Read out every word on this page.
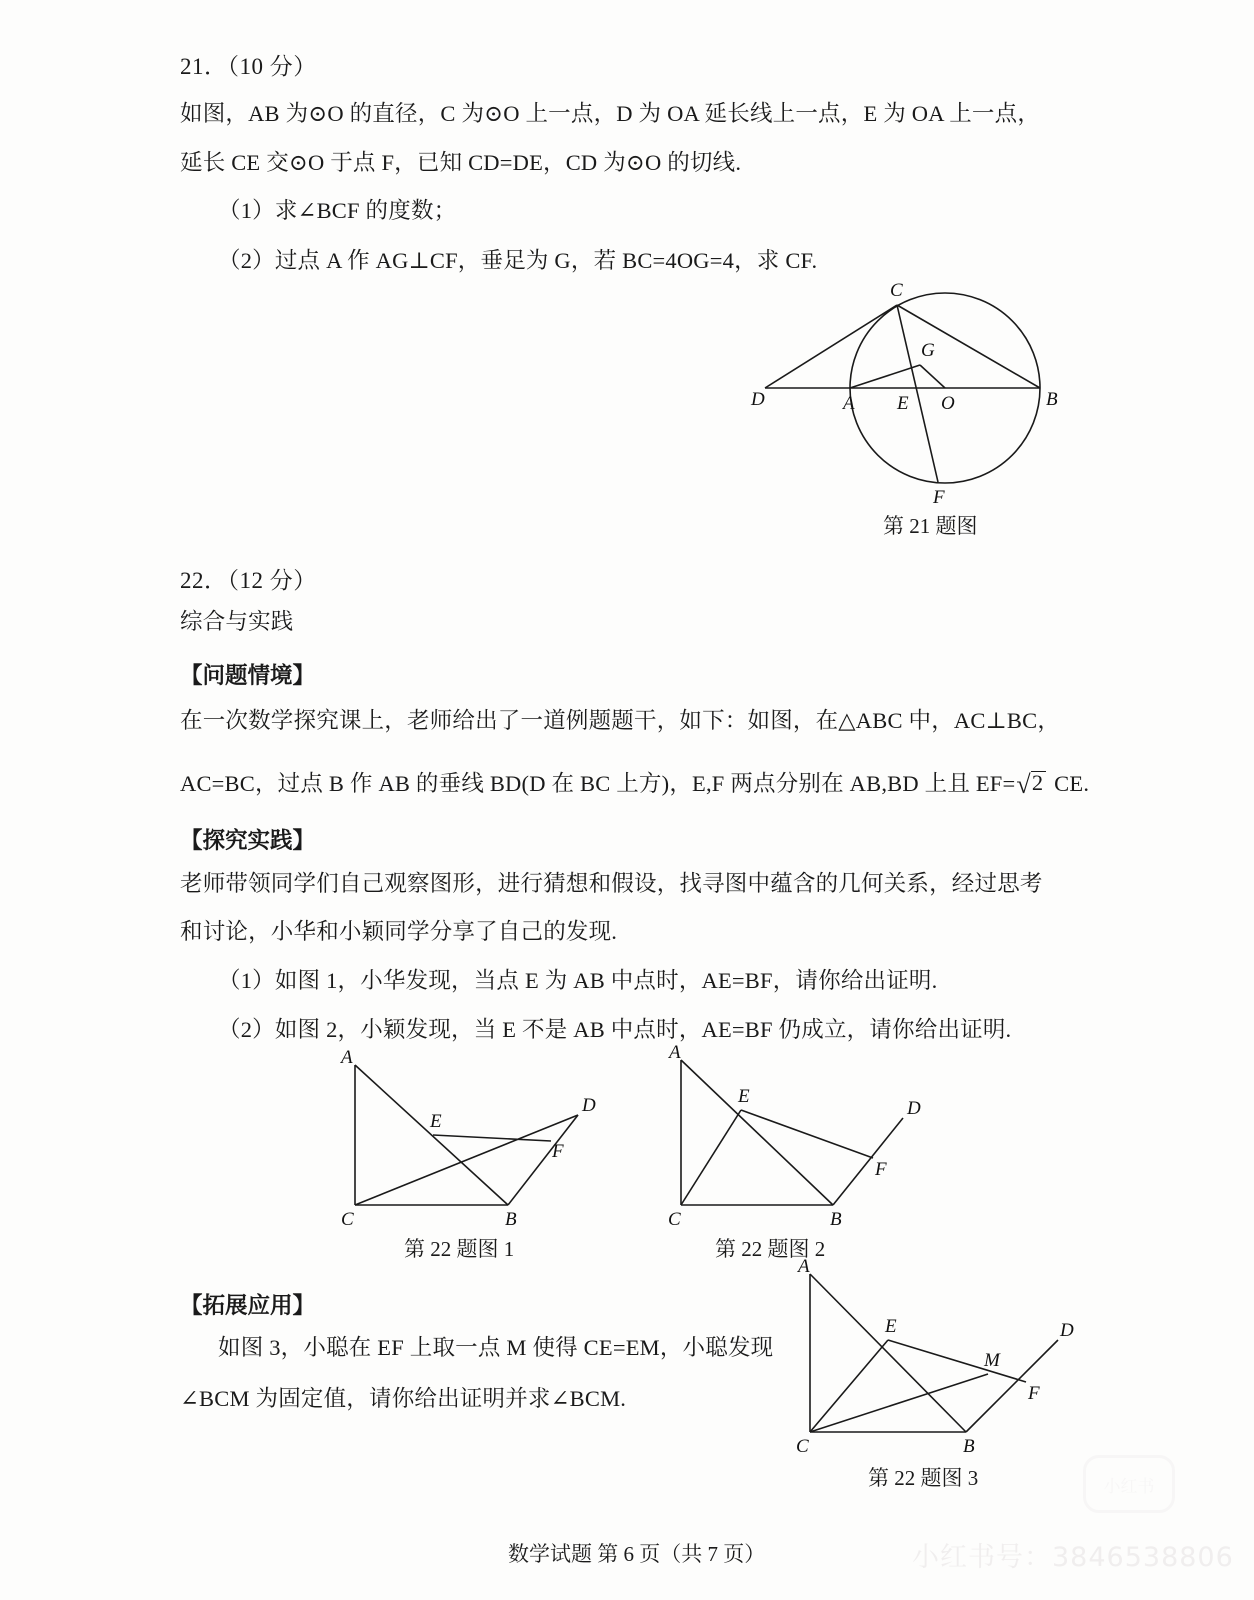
21．（10 分）
如图，AB 为⊙O 的直径，C 为⊙O 上一点，D 为 OA 延长线上一点，E 为 OA 上一点，
延长 CE 交⊙O 于点 F，已知 CD=DE，CD 为⊙O 的切线.
（1）求∠BCF 的度数；
（2）过点 A 作 AG⊥CF，垂足为 G，若 BC=4OG=4，求 CF.
C
G
D	A E O	B
F
第 21 题图
22．（12 分）
综合与实践
【问题情境】
在一次数学探究课上，老师给出了一道例题题干，如下：如图，在△ABC 中，AC⊥BC，
AC=BC，过点 B 作 AB 的垂线 BD(D 在 BC 上方)，E,F 两点分别在 AB,BD 上且 EF=√2 CE.
【探究实践】
老师带领同学们自己观察图形，进行猜想和假设，找寻图中蕴含的几何关系，经过思考
和讨论，小华和小颖同学分享了自己的发现.
（1）如图 1，小华发现，当点 E 为 AB 中点时，AE=BF，请你给出证明.
（2）如图 2，小颖发现，当 E 不是 AB 中点时，AE=BF 仍成立，请你给出证明.
A
E
D
F
C	B
第 22 题图 1
A
E
D
F
C	B
第 22 题图 2
【拓展应用】
如图 3，小聪在 EF 上取一点 M 使得 CE=EM，小聪发现
∠BCM 为固定值，请你给出证明并求∠BCM.
A
E
M
D
F
C	B
第 22 题图 3	小红书
小红书号：3846538806
数学试题 第 6 页（共 7 页）
